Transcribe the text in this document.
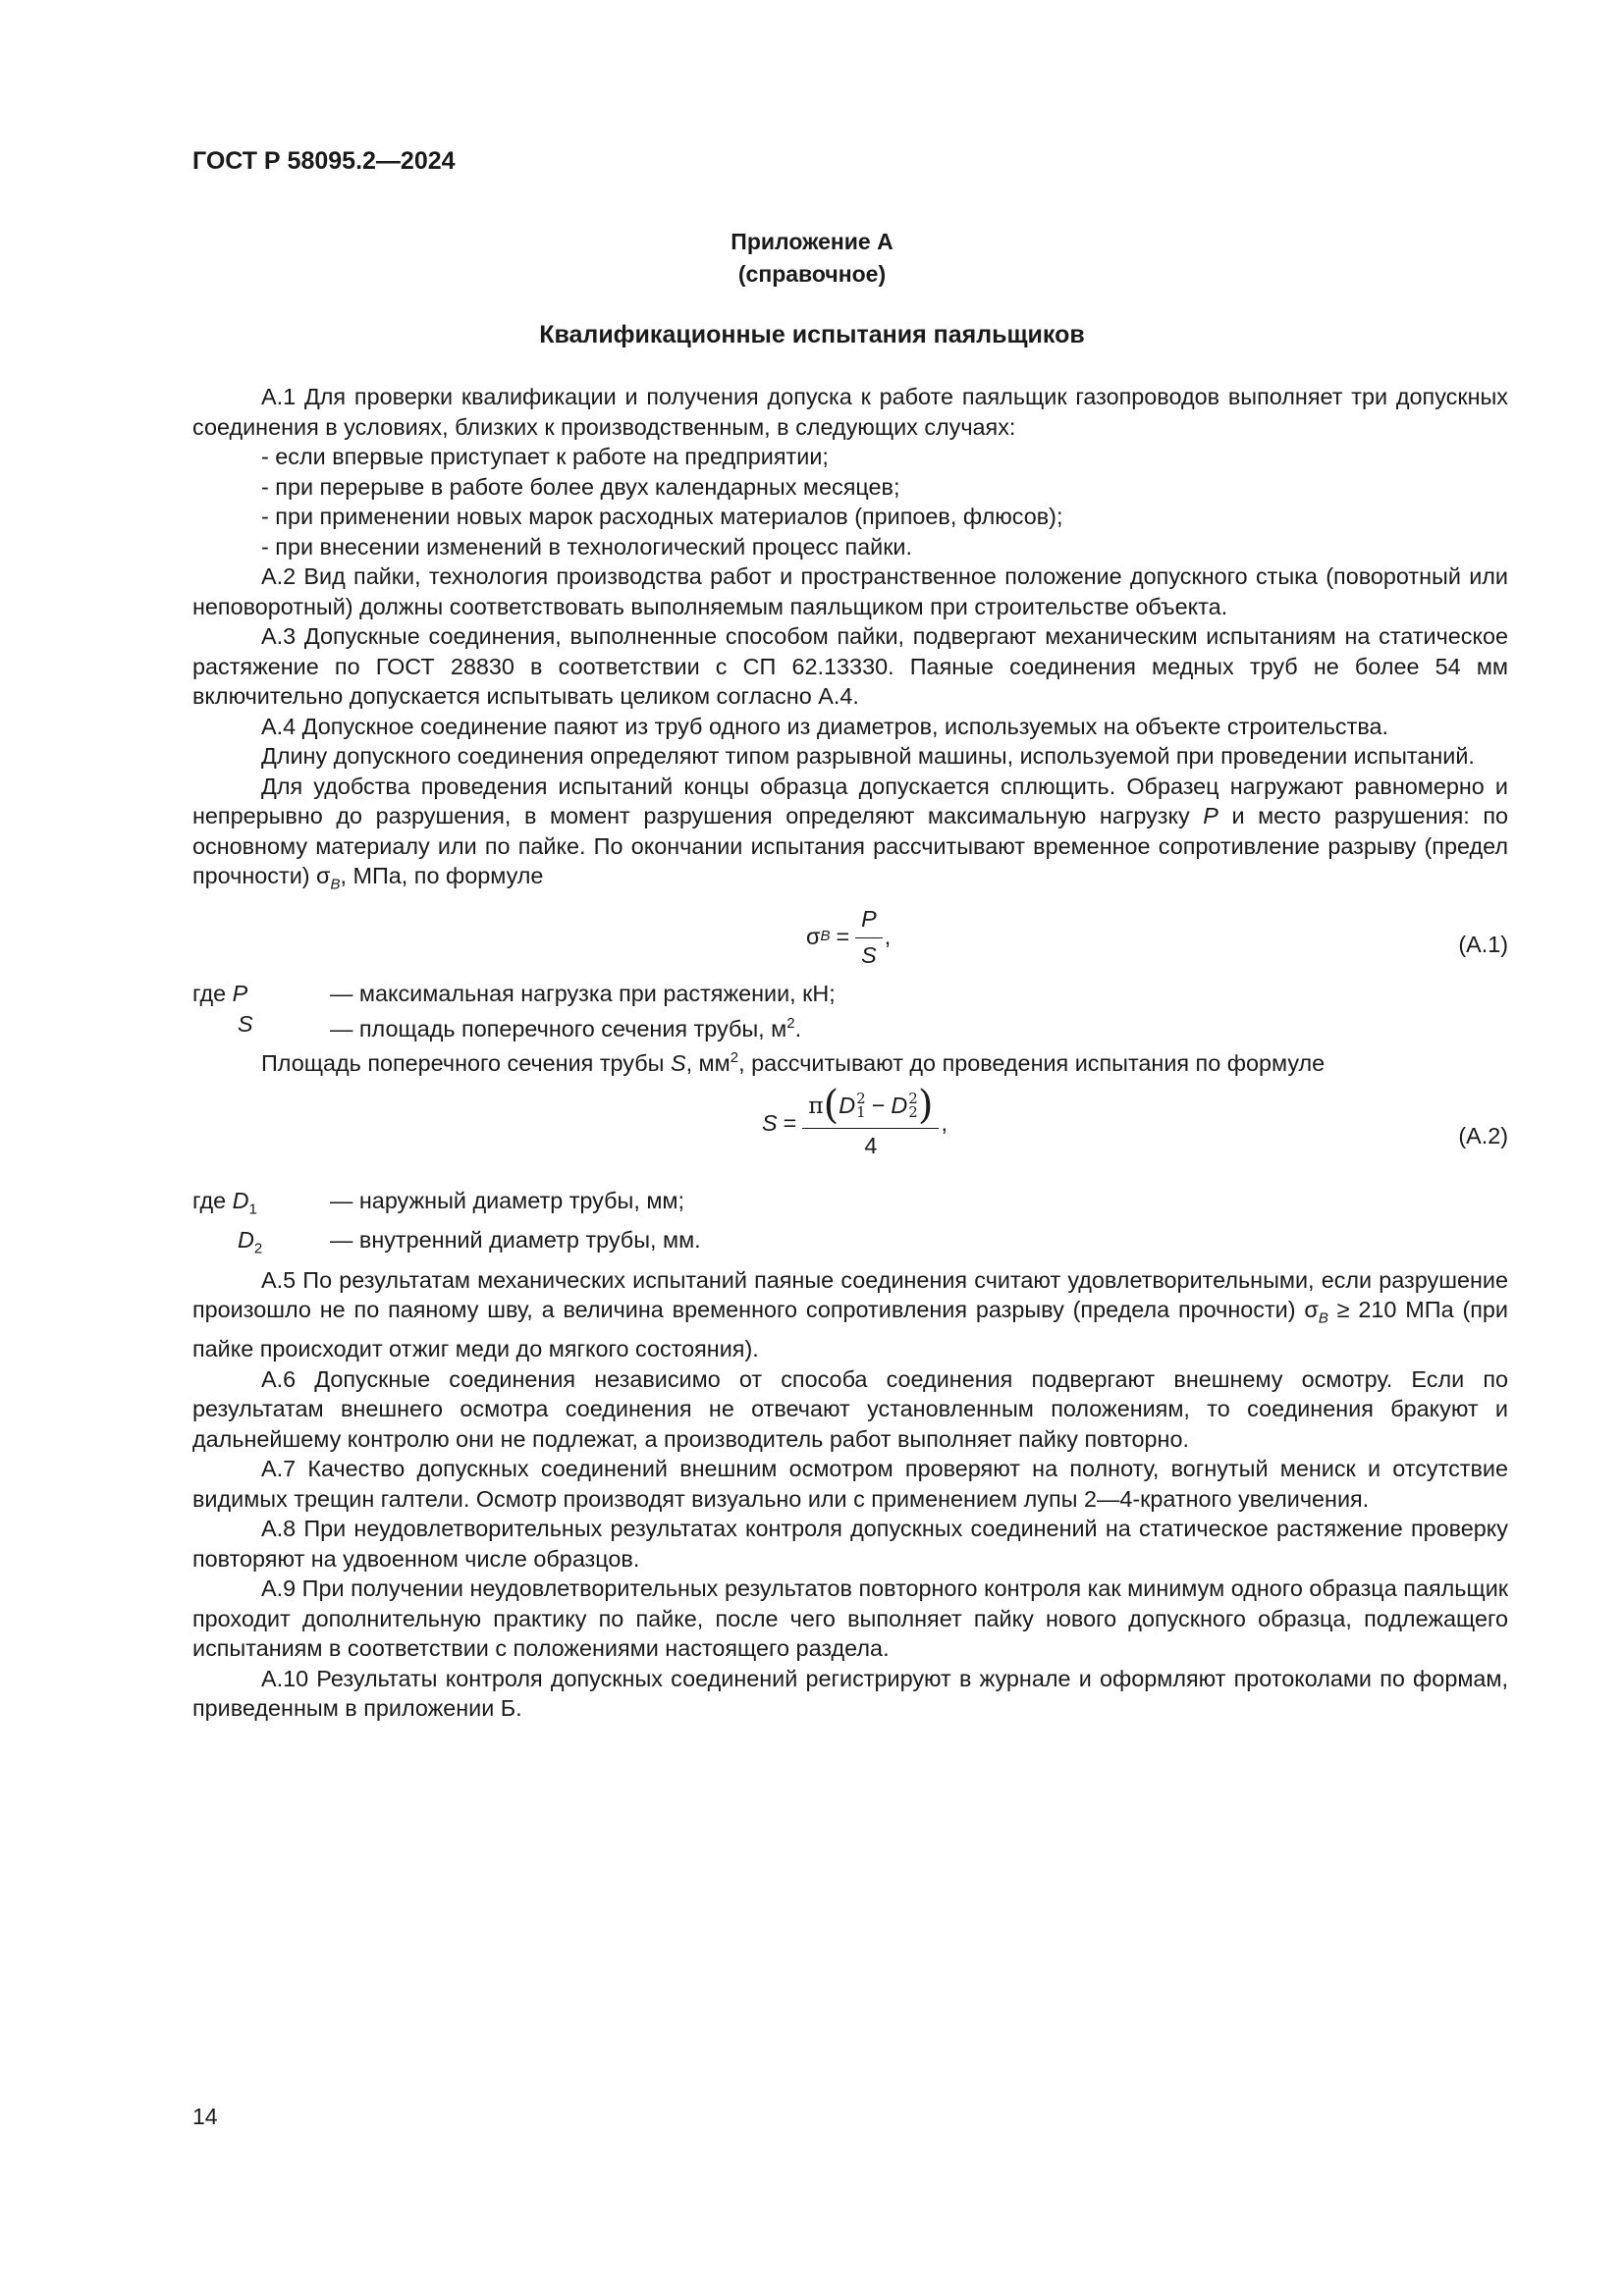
ГОСТ Р 58095.2—2024
Приложение А
(справочное)
Квалификационные испытания паяльщиков

А.1 Для проверки квалификации и получения допуска к работе паяльщик газопроводов выполняет три допускных соединения в условиях, близких к производственным, в следующих случаях:

- если впервые приступает к работе на предприятии;

- при перерыве в работе более двух календарных месяцев;

- при применении новых марок расходных материалов (припоев, флюсов);

- при внесении изменений в технологический процесс пайки.

А.2 Вид пайки, технология производства работ и пространственное положение допускного стыка (поворотный или неповоротный) должны соответствовать выполняемым паяльщиком при строительстве объекта.

А.3 Допускные соединения, выполненные способом пайки, подвергают механическим испытаниям на статическое растяжение по ГОСТ 28830 в соответствии с СП 62.13330. Паяные соединения медных труб не более 54 мм включительно допускается испытывать целиком согласно А.4.

А.4 Допускное соединение паяют из труб одного из диаметров, используемых на объекте строительства.

Длину допускного соединения определяют типом разрывной машины, используемой при проведении испытаний.

Для удобства проведения испытаний концы образца допускается сплющить. Образец нагружают равномерно и непрерывно до разрушения, в момент разрушения определяют максимальную нагрузку P и место разрушения: по основному материалу или по пайке. По окончании испытания рассчитывают временное сопротивление разрыву (предел прочности) $\sigma_B$, МПа, по формуле

σ $B = \frac{P}{S}$ ,	(А.1)
где P	— максимальная нагрузка при растяжении, кН;
S	— площадь поперечного сечения трубы, $м^2$.

Площадь поперечного сечения трубы S, $мм^2$, рассчитывают до проведения испытания по формуле

S =
π ( D 2
1 − D 2
2 )
4
,	(А.2)
где $D_1$	— наружный диаметр трубы, мм;
$D_2$	— внутренний диаметр трубы, мм.

А.5 По результатам механических испытаний паяные соединения считают удовлетворительными, если разрушение произошло не по паяному шву, а величина временного сопротивления разрыву (предела прочности) $\sigma_B \ge 210$ МПа (при пайке происходит отжиг меди до мягкого состояния).

А.6 Допускные соединения независимо от способа соединения подвергают внешнему осмотру. Если по результатам внешнего осмотра соединения не отвечают установленным положениям, то соединения бракуют и дальнейшему контролю они не подлежат, а производитель работ выполняет пайку повторно.

А.7 Качество допускных соединений внешним осмотром проверяют на полноту, вогнутый мениск и отсутствие видимых трещин галтели. Осмотр производят визуально или с применением лупы 2—4-кратного увеличения.

А.8 При неудовлетворительных результатах контроля допускных соединений на статическое растяжение проверку повторяют на удвоенном числе образцов.

А.9 При получении неудовлетворительных результатов повторного контроля как минимум одного образца паяльщик проходит дополнительную практику по пайке, после чего выполняет пайку нового допускного образца, подлежащего испытаниям в соответствии с положениями настоящего раздела.

А.10 Результаты контроля допускных соединений регистрируют в журнале и оформляют протоколами по формам, приведенным в приложении Б.

14
